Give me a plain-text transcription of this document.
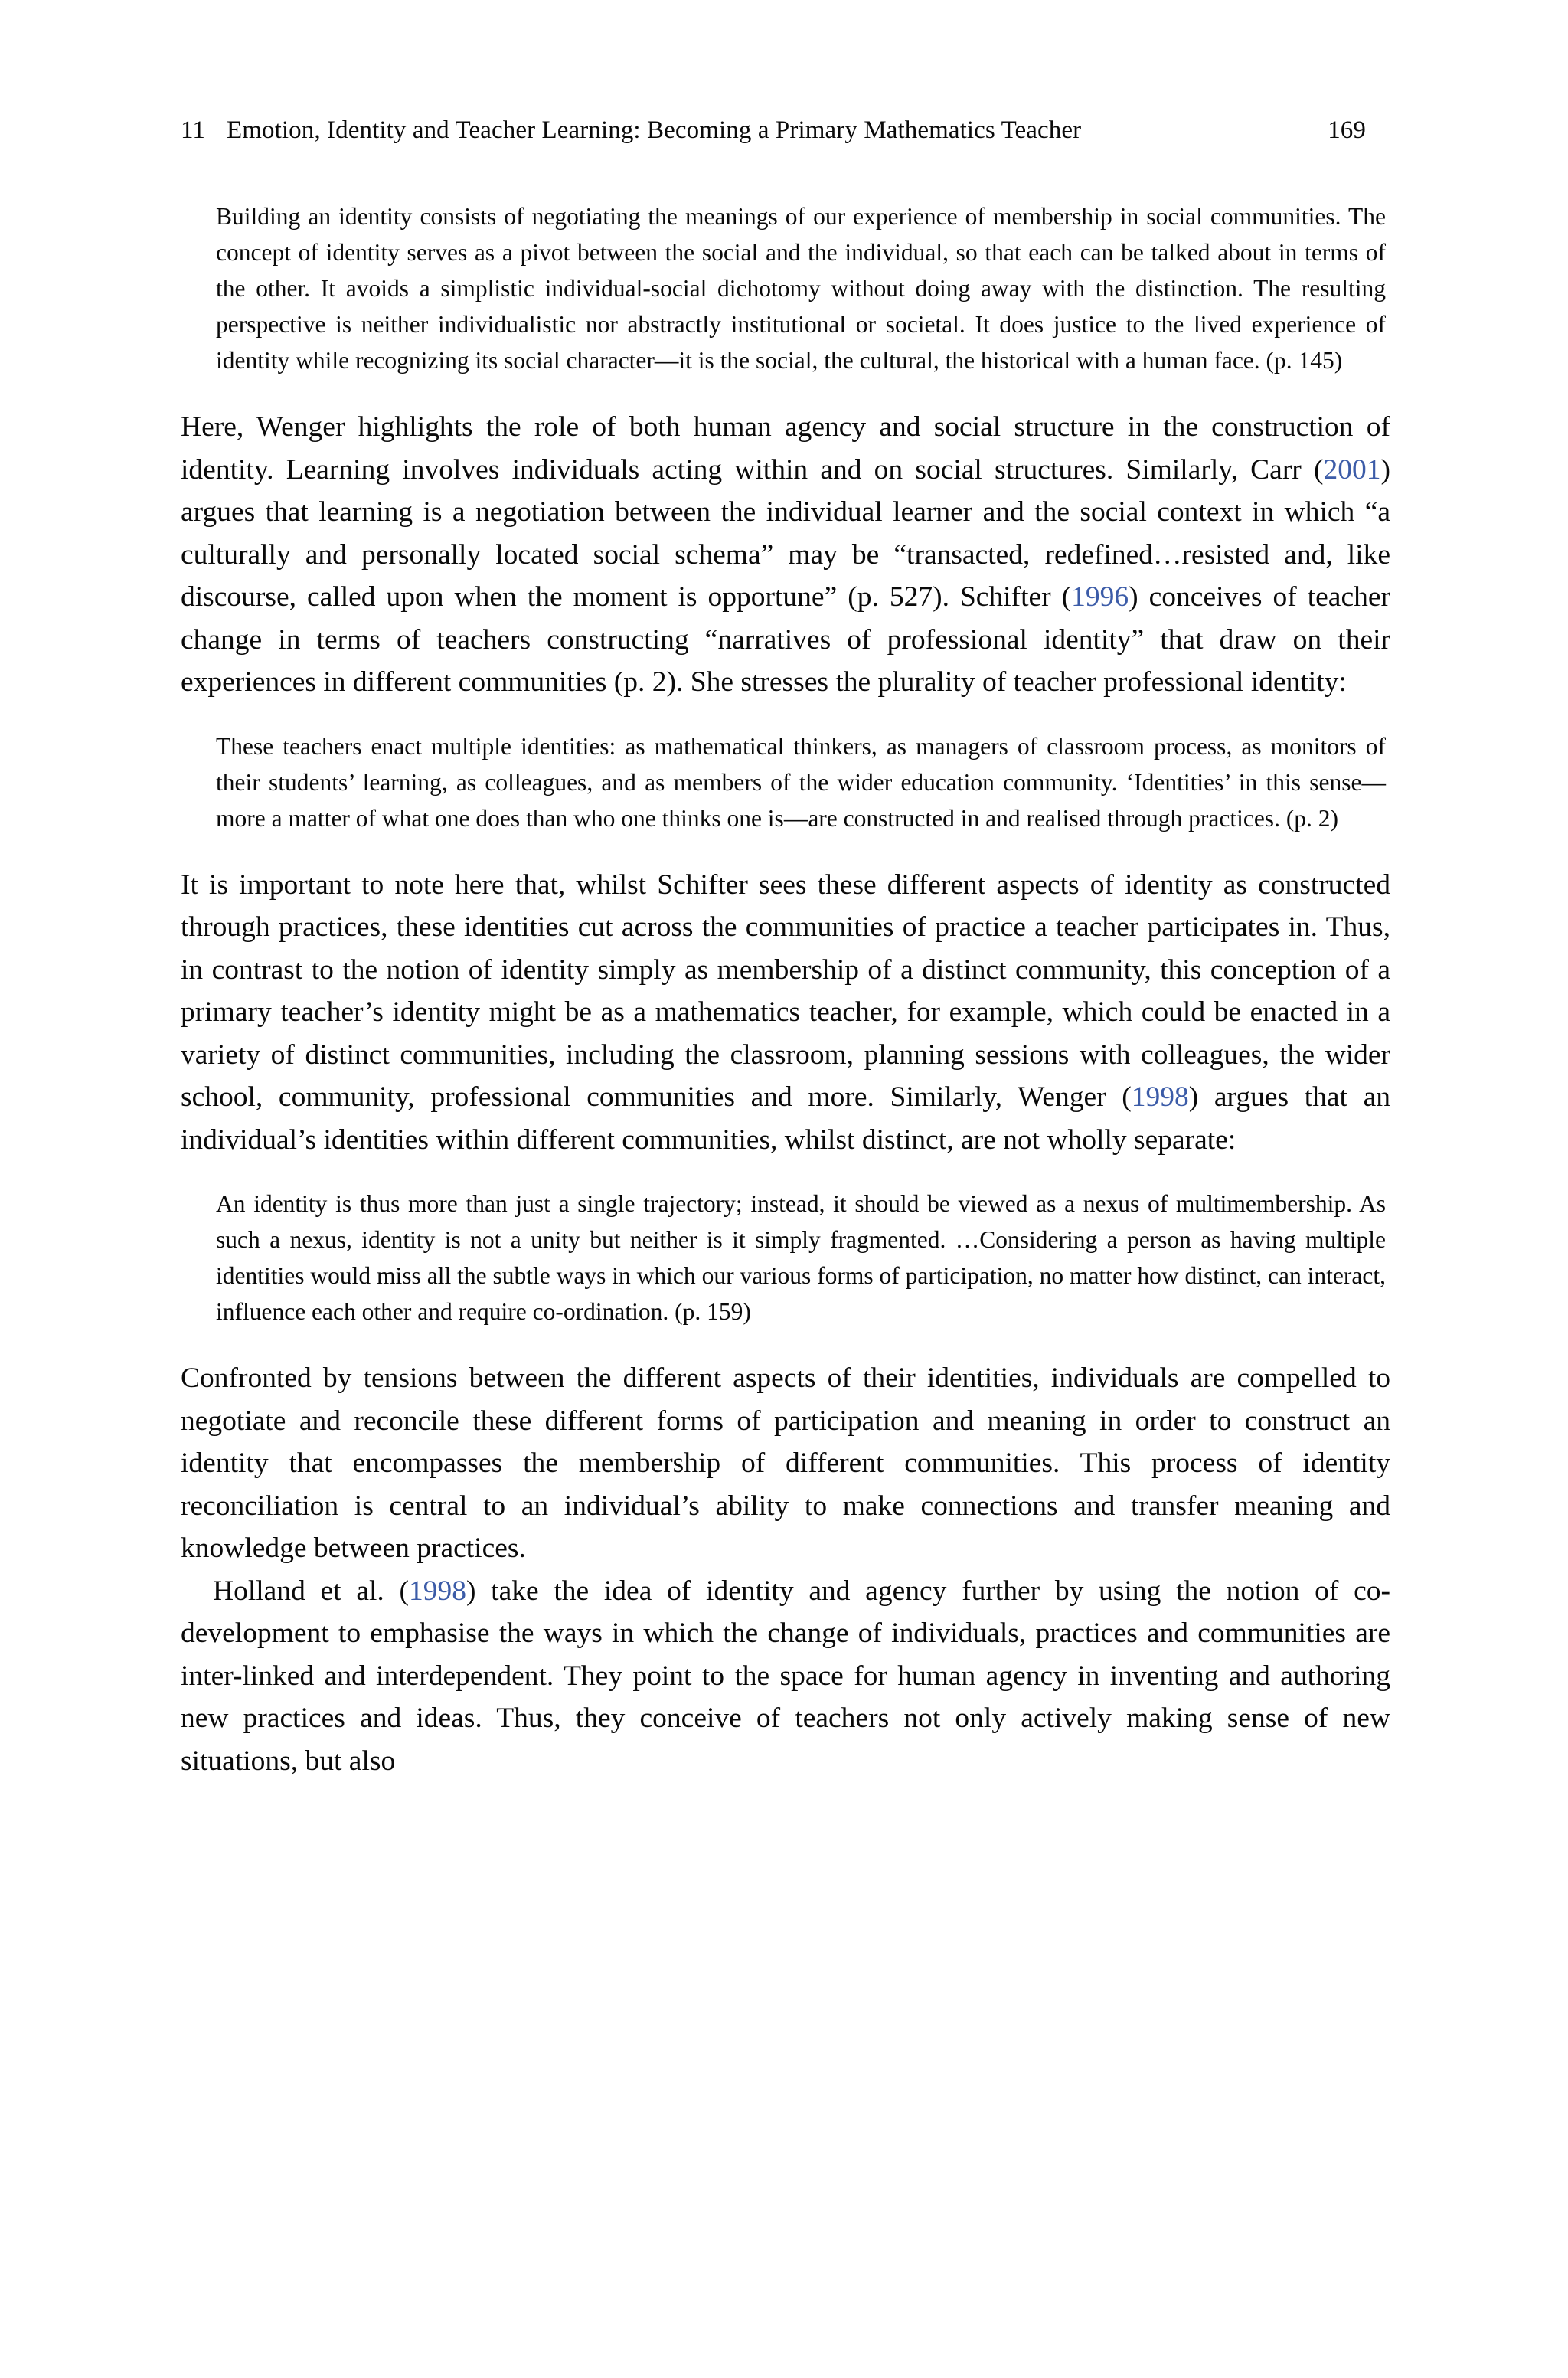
11 Emotion, Identity and Teacher Learning: Becoming a Primary Mathematics Teacher	169

Building an identity consists of negotiating the meanings of our experience of membership in social communities. The concept of identity serves as a pivot between the social and the individual, so that each can be talked about in terms of the other. It avoids a simplistic individual-social dichotomy without doing away with the distinction. The resulting perspective is neither individualistic nor abstractly institutional or societal. It does justice to the lived experience of identity while recognizing its social character—it is the social, the cultural, the historical with a human face. (p. 145)

Here, Wenger highlights the role of both human agency and social structure in the construction of identity. Learning involves individuals acting within and on social structures. Similarly, Carr (2001) argues that learning is a negotiation between the individual learner and the social context in which “a culturally and personally located social schema” may be “transacted, redefined…resisted and, like discourse, called upon when the moment is opportune” (p. 527). Schifter (1996) conceives of teacher change in terms of teachers constructing “narratives of professional identity” that draw on their experiences in different communities (p. 2). She stresses the plurality of teacher professional identity:

These teachers enact multiple identities: as mathematical thinkers, as managers of classroom process, as monitors of their students’ learning, as colleagues, and as members of the wider education community. ‘Identities’ in this sense—more a matter of what one does than who one thinks one is—are constructed in and realised through practices. (p. 2)

It is important to note here that, whilst Schifter sees these different aspects of identity as constructed through practices, these identities cut across the communities of practice a teacher participates in. Thus, in contrast to the notion of identity simply as membership of a distinct community, this conception of a primary teacher’s identity might be as a mathematics teacher, for example, which could be enacted in a variety of distinct communities, including the classroom, planning sessions with colleagues, the wider school, community, professional communities and more. Similarly, Wenger (1998) argues that an individual’s identities within different communities, whilst distinct, are not wholly separate:

An identity is thus more than just a single trajectory; instead, it should be viewed as a nexus of multimembership. As such a nexus, identity is not a unity but neither is it simply fragmented. …Considering a person as having multiple identities would miss all the subtle ways in which our various forms of participation, no matter how distinct, can interact, influence each other and require co-ordination. (p. 159)

Confronted by tensions between the different aspects of their identities, individuals are compelled to negotiate and reconcile these different forms of participation and meaning in order to construct an identity that encompasses the membership of different communities. This process of identity reconciliation is central to an individual’s ability to make connections and transfer meaning and knowledge between practices.

Holland et al. (1998) take the idea of identity and agency further by using the notion of co-development to emphasise the ways in which the change of individuals, practices and communities are inter-linked and interdependent. They point to the space for human agency in inventing and authoring new practices and ideas. Thus, they conceive of teachers not only actively making sense of new situations, but also
